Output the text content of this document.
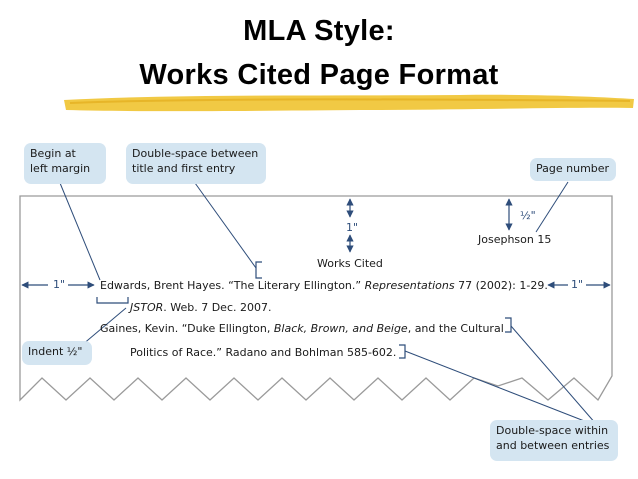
MLA Style:
Works Cited Page Format
Begin at
left margin
Double-space between
title and first entry	Page number
Indent ½"
Double-space within
and between entries
1"
½"
1"	1"
Josephson 15
Works Cited
Edwards, Brent Hayes. “The Literary Ellington.” Representations 77 (2002): 1-29.
JSTOR. Web. 7 Dec. 2007.
Gaines, Kevin. “Duke Ellington, Black, Brown, and Beige, and the Cultural
Politics of Race.” Radano and Bohlman 585-602.
